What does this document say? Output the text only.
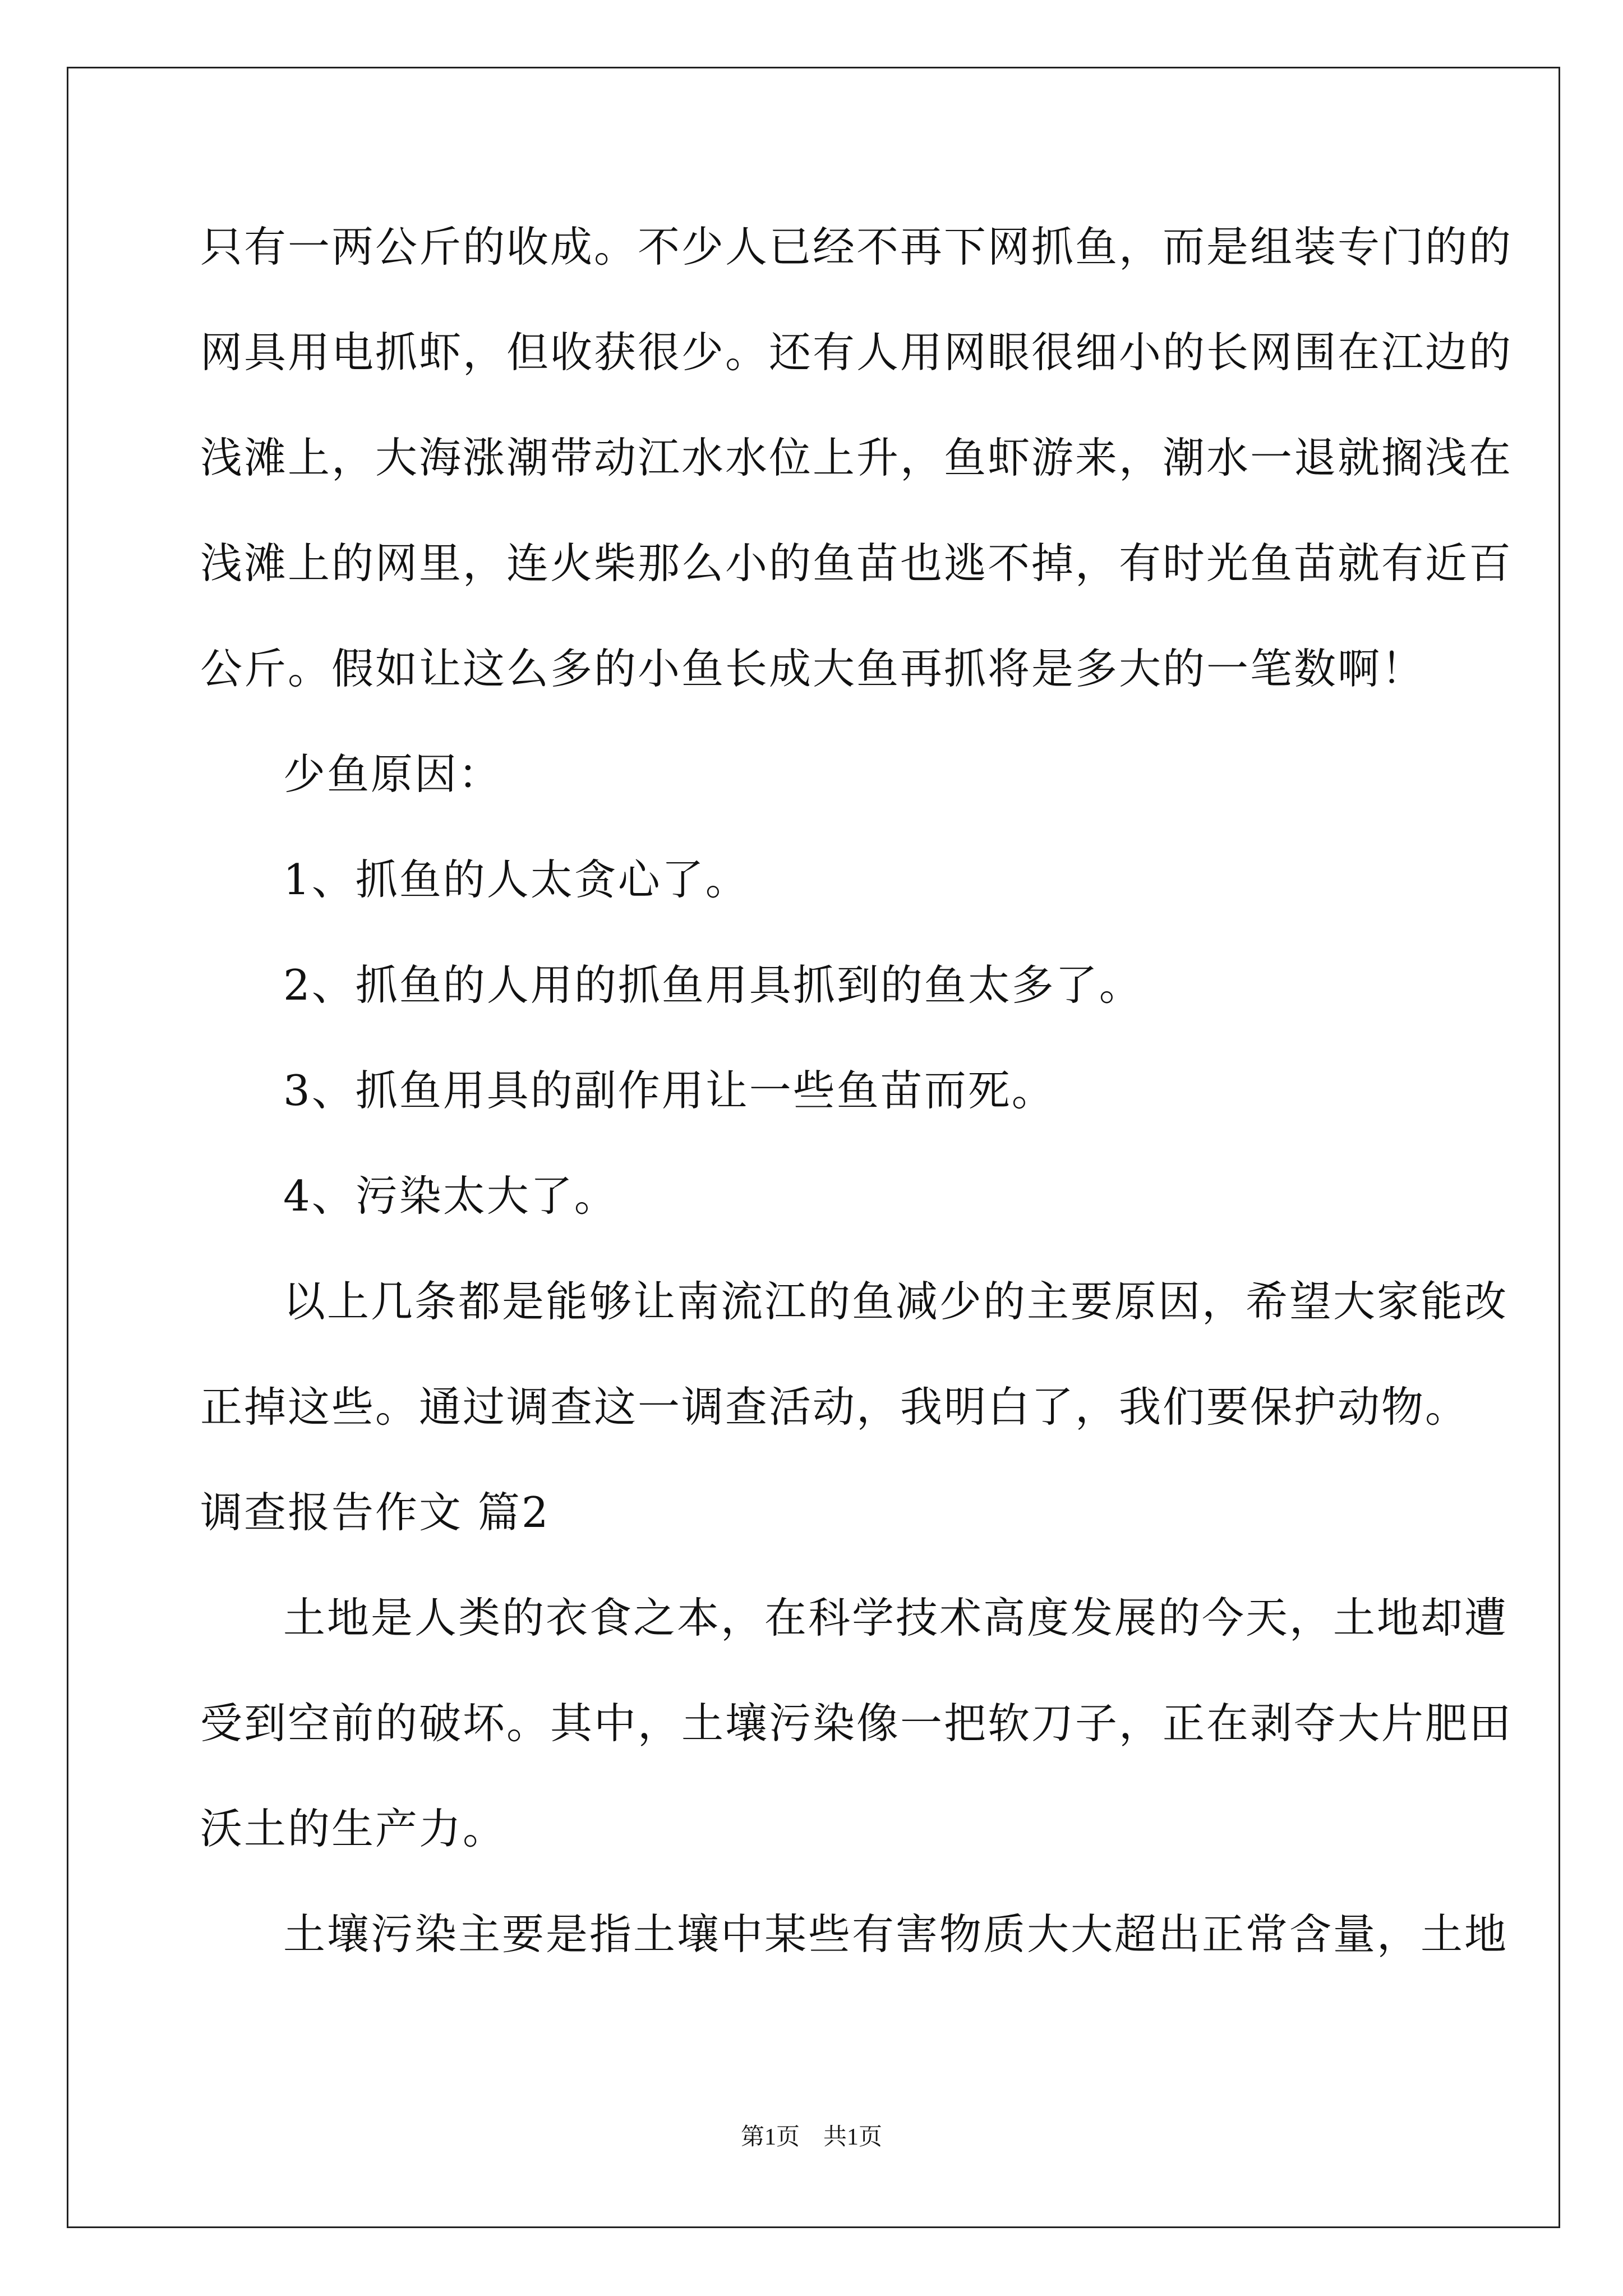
只有一两公斤的收成。不少人已经不再下网抓鱼，而是组装专门的的
网具用电抓虾，但收获很少。还有人用网眼很细小的长网围在江边的
浅滩上，大海涨潮带动江水水位上升，鱼虾游来，潮水一退就搁浅在
浅滩上的网里，连火柴那么小的鱼苗也逃不掉，有时光鱼苗就有近百
公斤。假如让这么多的小鱼长成大鱼再抓将是多大的一笔数啊！
少鱼原因：
1、抓鱼的人太贪心了。
2、抓鱼的人用的抓鱼用具抓到的鱼太多了。
3、抓鱼用具的副作用让一些鱼苗而死。
4、污染太大了。
以上几条都是能够让南流江的鱼减少的主要原因，希望大家能改
正掉这些。通过调查这一调查活动，我明白了，我们要保护动物。
调查报告作文 篇2
土地是人类的衣食之本，在科学技术高度发展的今天，土地却遭
受到空前的破坏。其中，土壤污染像一把软刀子，正在剥夺大片肥田
沃土的生产力。
土壤污染主要是指土壤中某些有害物质大大超出正常含量，土地
第1页　共1页
